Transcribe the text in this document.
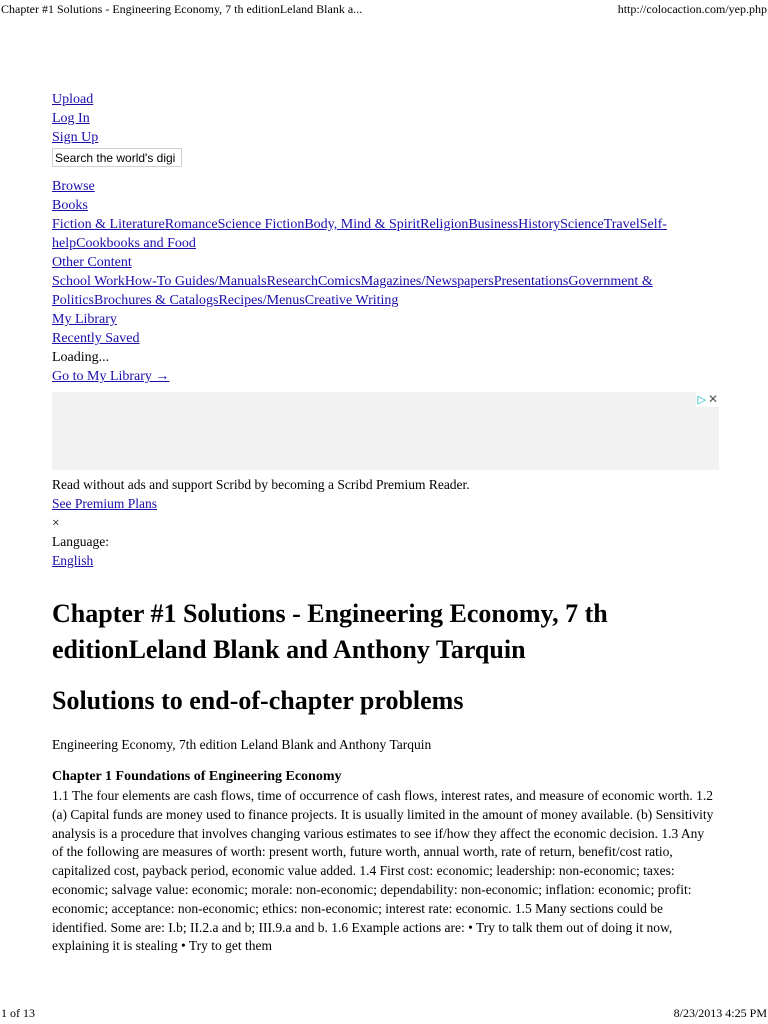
Chapter #1 Solutions - Engineering Economy, 7 th editionLeland Blank a...	http://colocaction.com/yep.php
Upload
Log In
Sign Up
Search the world's digi
Browse
Books
Fiction & LiteratureRomanceScience FictionBody, Mind & SpiritReligionBusinessHistoryScienceTravelSelf-helpCookbooks and Food
Other Content
School WorkHow-To Guides/ManualsResearchComicsMagazines/NewspapersPresentationsGovernment & PoliticsBrochures & CatalogsRecipes/MenusCreative Writing
My Library
Recently Saved
Loading...
Go to My Library →
▷ ✕
Read without ads and support Scribd by becoming a Scribd Premium Reader.
See Premium Plans
×
Language:
English
Chapter #1 Solutions - Engineering Economy, 7 th editionLeland Blank and Anthony Tarquin
Solutions to end-of-chapter problems
Engineering Economy, 7th edition Leland Blank and Anthony Tarquin
Chapter 1 Foundations of Engineering Economy
1.1 The four elements are cash flows, time of occurrence of cash flows, interest rates, and measure of economic worth. 1.2 (a) Capital funds are money used to finance projects. It is usually limited in the amount of money available. (b) Sensitivity analysis is a procedure that involves changing various estimates to see if/how they affect the economic decision. 1.3 Any of the following are measures of worth: present worth, future worth, annual worth, rate of return, benefit/cost ratio, capitalized cost, payback period, economic value added. 1.4 First cost: economic; leadership: non-economic; taxes: economic; salvage value: economic; morale: non-economic; dependability: non-economic; inflation: economic; profit: economic; acceptance: non-economic; ethics: non-economic; interest rate: economic. 1.5 Many sections could be identified. Some are: I.b; II.2.a and b; III.9.a and b. 1.6 Example actions are: • Try to talk them out of doing it now, explaining it is stealing • Try to get them
1 of 13	8/23/2013 4:25 PM
